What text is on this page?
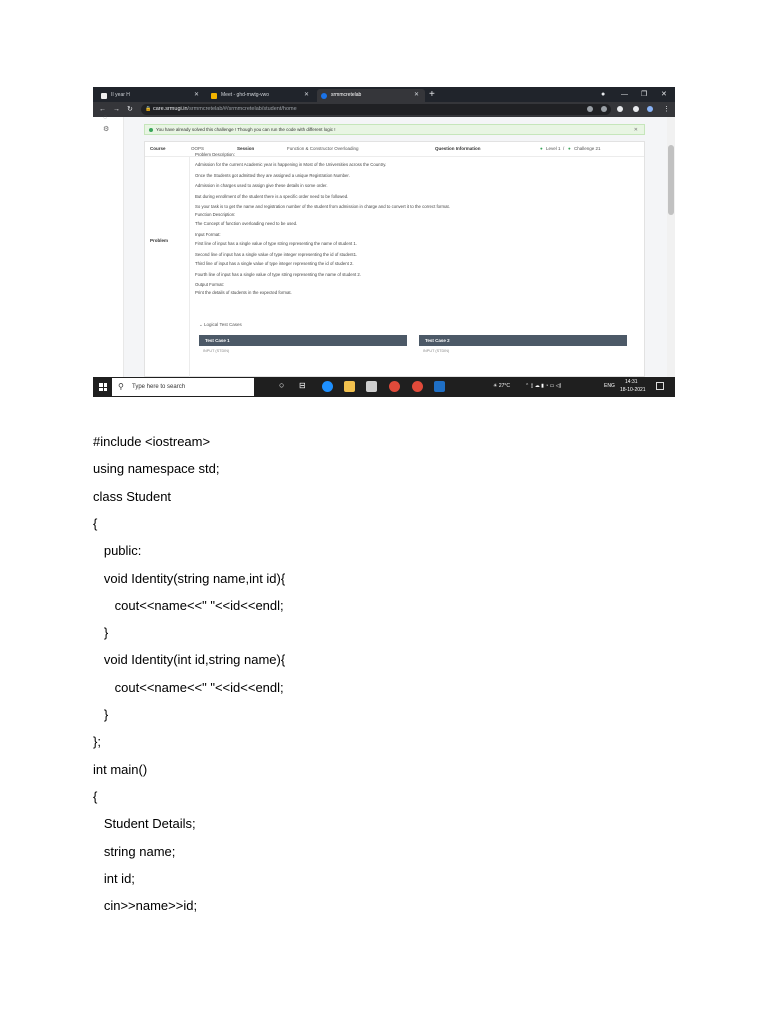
II year H	✕	Meet - ghd-mwtg-vwo	✕	srmmcretelab	✕ +	● — ❐ ✕
← → ↻ 🔒 care.srmugi.in/srmmcretelab/#/srmmcretelab/student/home	⋮
◌
⚙	You have already solved this challenge ! Though you can run the code with different logic !	✕
Course	OOPS	Session	Function & Constructor Overloading	Question Information	● Level 1 / ● Challenge 21
Problem
Problem Description:
Admission for the current Academic year is happening in Most of the Universities across the Country.
Once the Students got admitted they are assigned a unique Registration Number.
Admission in charges used to assign give these details in some order.
But during enrollment of the student there is a specific order need to be followed.
So your task is to get the name and registration number of the student from admission in charge and to convert it to the correct format.
Function Description:
The Concept of function overloading need to be used.
Input Format:
First line of input has a single value of type string representing the name of student 1.
Second line of input has a single value of type integer representing the id of student1.
Third line of input has a single value of type integer representing the id of student 2.
Fourth line of input has a single value of type string representing the name of student 2.
Output Format:
Print the details of students in the expected format.
⌄ Logical Test Cases
Test Case 1	Test Case 2
INPUT (STDIN)	INPUT (STDIN)
⚲ Type here to search	○ ⊟	☀ 27°C	⌃ ▯ ☁ ▮ ◔ ▭ ◁)	ENG
14:31
18-10-2021
#include <iostream>
using namespace std;
class Student
{
public:
void Identity(string name,int id){
cout<<name<<" "<<id<<endl;
}
void Identity(int id,string name){
cout<<name<<" "<<id<<endl;
}
};
int main()
{
Student Details;
string name;
int id;
cin>>name>>id;
